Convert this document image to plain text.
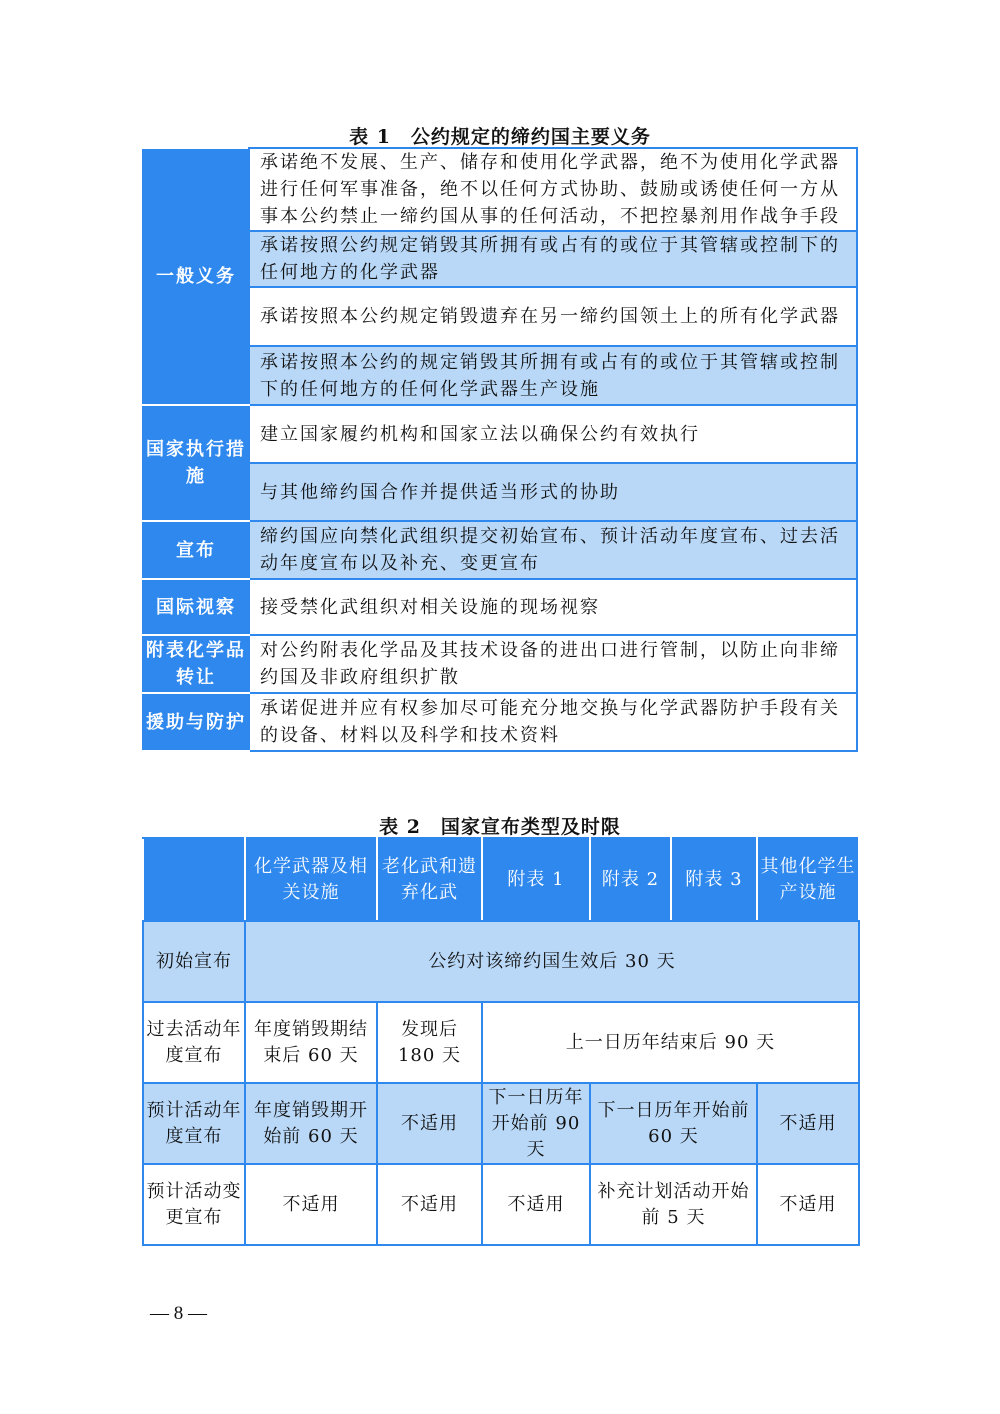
表 1　公约规定的缔约国主要义务
一般义务	承诺绝不发展、生产、储存和使用化学武器，绝不为使用化学武器进行任何军事准备，绝不以任何方式协助、鼓励或诱使任何一方从事本公约禁止一缔约国从事的任何活动，不把控暴剂用作战争手段
	承诺按照公约规定销毁其所拥有或占有的或位于其管辖或控制下的任何地方的化学武器
	承诺按照本公约规定销毁遗弃在另一缔约国领土上的所有化学武器
	承诺按照本公约的规定销毁其所拥有或占有的或位于其管辖或控制下的任何地方的任何化学武器生产设施
国家执行措施	建立国家履约机构和国家立法以确保公约有效执行
	与其他缔约国合作并提供适当形式的协助
宣布	缔约国应向禁化武组织提交初始宣布、预计活动年度宣布、过去活动年度宣布以及补充、变更宣布
国际视察	接受禁化武组织对相关设施的现场视察
附表化学品转让	对公约附表化学品及其技术设备的进出口进行管制，以防止向非缔约国及非政府组织扩散
援助与防护	承诺促进并应有权参加尽可能充分地交换与化学武器防护手段有关的设备、材料以及科学和技术资料
表 2　国家宣布类型及时限
	化学武器及相关设施	老化武和遗弃化武	附表 1	附表 2	附表 3	其他化学生产设施
初始宣布	公约对该缔约国生效后 30 天					
过去活动年度宣布	年度销毁期结束后 60 天	发现后 180 天	上一日历年结束后 90 天			
预计活动年度宣布	年度销毁期开始前 60 天	不适用	下一日历年开始前 90 天	下一日历年开始前 60 天		不适用
预计活动变更宣布	不适用	不适用	不适用	补充计划活动开始前 5 天		不适用
— 8 —
